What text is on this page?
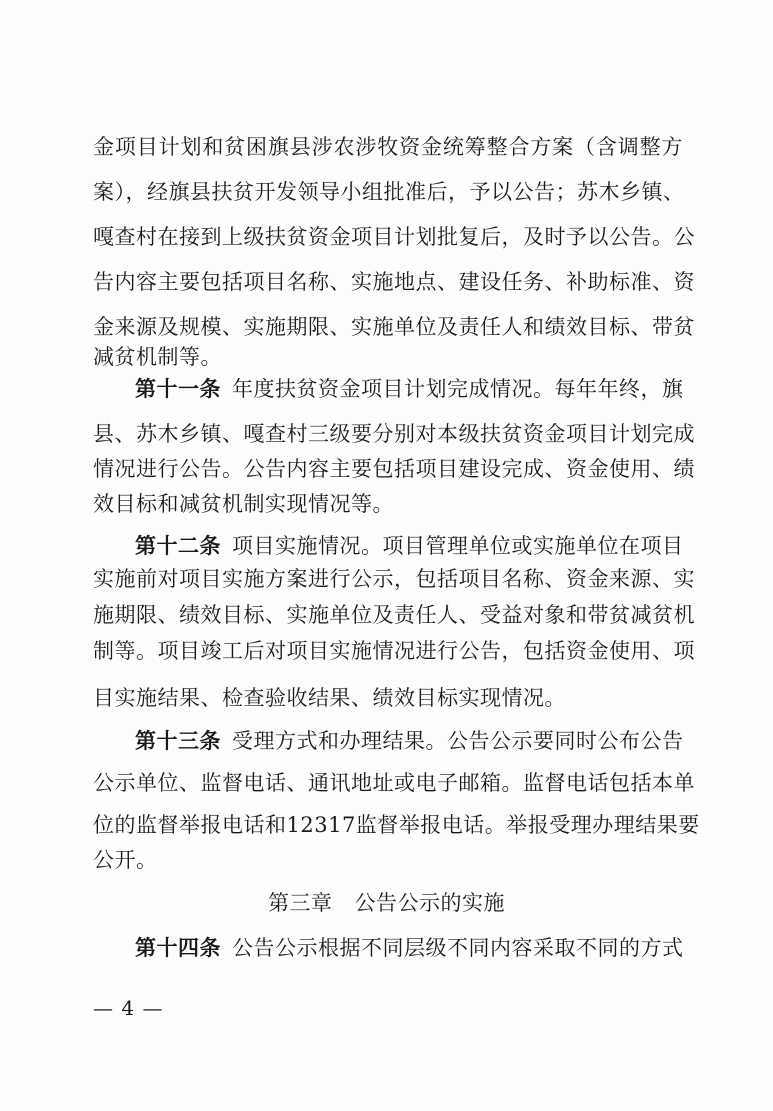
金项目计划和贫困旗县涉农涉牧资金统筹整合方案（含调整方
案），经旗县扶贫开发领导小组批准后，予以公告；苏木乡镇、
嘎查村在接到上级扶贫资金项目计划批复后，及时予以公告。公
告内容主要包括项目名称、实施地点、建设任务、补助标准、资
金来源及规模、实施期限、实施单位及责任人和绩效目标、带贫
减贫机制等。
第十一条  年度扶贫资金项目计划完成情况。每年年终，旗
县、苏木乡镇、嘎查村三级要分别对本级扶贫资金项目计划完成
情况进行公告。公告内容主要包括项目建设完成、资金使用、绩
效目标和减贫机制实现情况等。
第十二条  项目实施情况。项目管理单位或实施单位在项目
实施前对项目实施方案进行公示，包括项目名称、资金来源、实
施期限、绩效目标、实施单位及责任人、受益对象和带贫减贫机
制等。项目竣工后对项目实施情况进行公告，包括资金使用、项
目实施结果、检查验收结果、绩效目标实现情况。
第十三条  受理方式和办理结果。公告公示要同时公布公告
公示单位、监督电话、通讯地址或电子邮箱。监督电话包括本单
位的监督举报电话和12317监督举报电话。举报受理办理结果要
公开。
第三章 公告公示的实施
第十四条  公告公示根据不同层级不同内容采取不同的方式
— 4 —
